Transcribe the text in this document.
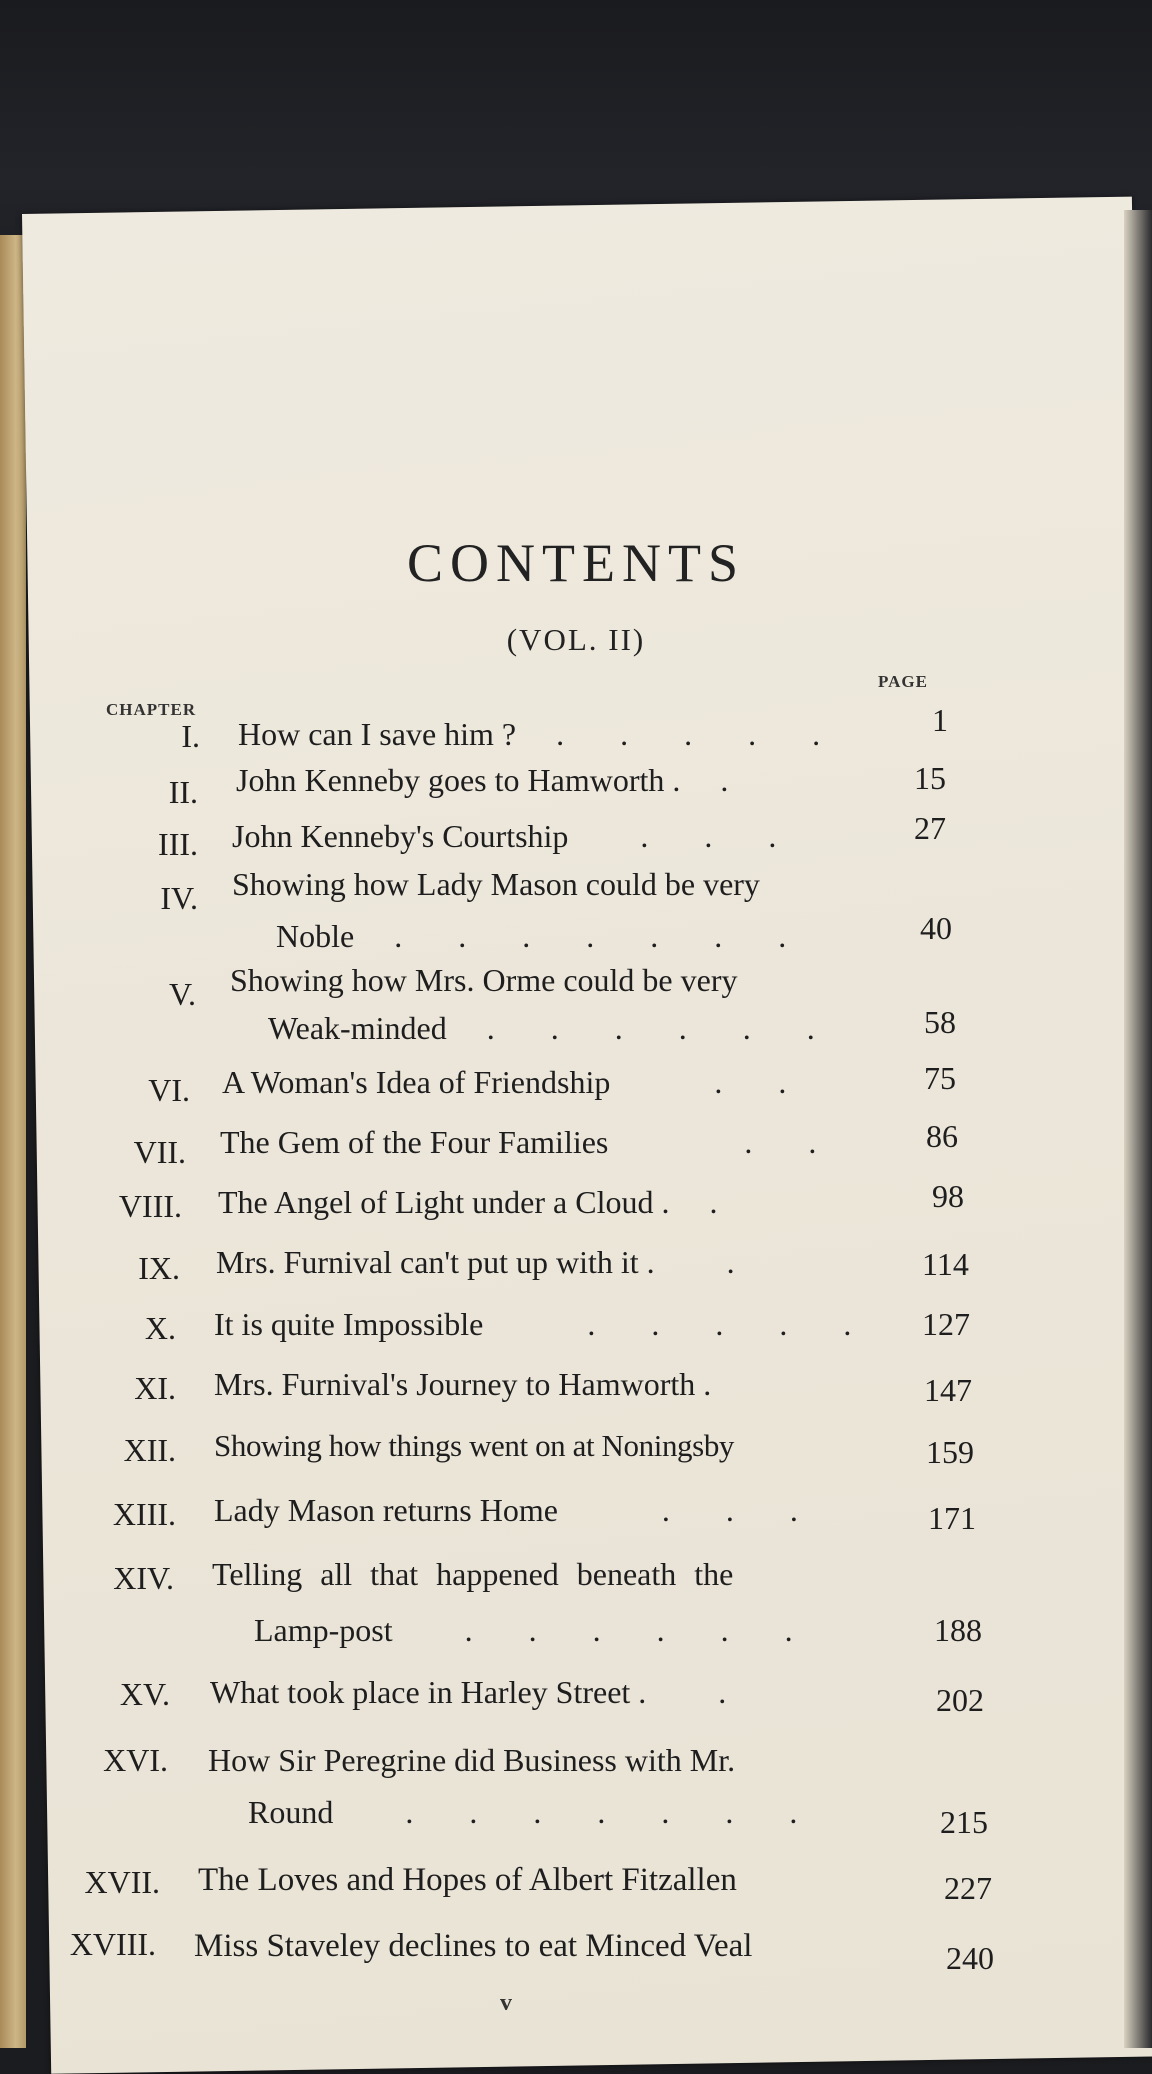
CONTENTS
(VOL. II)
CHAPTER
PAGE
I. How can I save him ?  . . . . .	1
II. John Kenneby goes to Hamworth .  .	15
III. John Kenneby's Courtship   . . .	27
IV. Showing how Lady Mason could be very
Noble  . . . . . . .	40
V. Showing how Mrs. Orme could be very
Weak-minded  . . . . . .	58
VI. A Woman's Idea of Friendship    . .	75
VII. The Gem of the Four Families     . .	86
VIII. The Angel of Light under a Cloud .  .	98
IX. Mrs. Furnival can't put up with it .   .	114
X. It is quite Impossible    . . . . . 127
XI. Mrs. Furnival's Journey to Hamworth .	147
XII. Showing how things went on at Noningsby	159
XIII. Lady Mason returns Home    . . .	171
XIV. Telling all that happened beneath the
Lamp-post   . . . . . .	188
XV. What took place in Harley Street .   .	202
XVI. How Sir Peregrine did Business with Mr.
Round   . . . . . . .	215
XVII. The Loves and Hopes of Albert Fitzallen	227
XVIII. Miss Staveley declines to eat Minced Veal	240
v
